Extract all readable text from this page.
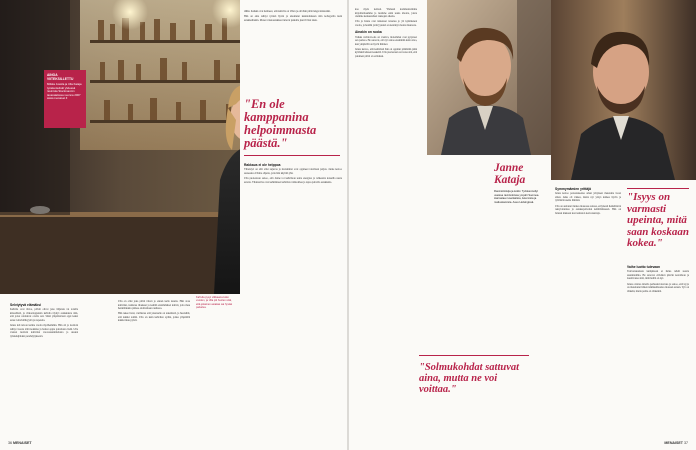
AINOA VIITEKSILLETTU
Miikka Jussila ja Ulla Kataja työskentelivät yhdessä ravintola Stockmannin tavaratalossa vuonna 2007 www.menaiset.fi
Selviytyvä elämäksi
Kahvila ovat tilava, päivät olivat joko hiljaisia tai todella kiireellisiä, ja viikonloppuisin kahvila täyttyi asiakkaista niin, että jonot ulottuivat ovelle asti. Siinä ympäristössä oppi kaksi asiaa: kärsivällisyyttä ja nopeutta.
Janne tuli taloon kolme vuotta myöhemmin. Hän oli jo tuolloin tehnyt vuosia töitä kokkina ja halusi oppia palvelusta lisää. Ulla vastasi tuolloin kahvilan vuorosuunnittelusta ja uusien työntekijöiden perehdytyksestä.
Ulla on ollut joka päivä töissä jo ennen kello kuutta. Hän avaa kahvilan, tarkistaa tilaukset ja keittää ensimmäiset kahvit, jotta muu henkilökunta pääsee aloittamaan rauhassa.
Hän tekee listat, varmistaa että jokaiselle on tekemistä, ja huolehtii, että kaikki toimii. Ulla on kuin kahvilan sydän, jonka ympärillä kaikki muu pyörii.
Kahvila pysyi vilkkaana koko vuoden, ja Ulla piti huolen siitä, että jokainen asiakas sai hyvää palvelua.
tähän. Kaikki ovat tietäneet, että kahvila on Ullan ja että hän pitää langat käsissään.
Hän on aina tehnyt työnsä hyvin ja ansainnut kunnioituksen niin kollegoilta kuin asiakkailtakin. Monet vakioasiakkaat tulevat paikalle juuri Ullan takia.
"En ole kamppanina helpoimmasta päästä."
Rakkaus ei ole helppoa
Yhteistyö on silti ollut sujuvaa ja molemmat ovat oppineet toisiltaan paljon. Janne kertoo saaneensa Ullalta ohjeita, joita hän käyttää yhä.
Ulla puolestaan sanoo, että Janne toi kahvilaan uutta energiaa ja rohkeutta kokeilla uusia asioita. Yhdessä he ovat kehittäneet kahvilan valikoimaa ja tapaa palvella asiakkaita.
36 MENAISET
kaa myös netissä. Yhdessä kommentoimme kirjoittamaamme ja tuomme esiin uusia ideoita, joista olemme keskustelleet taukojen aikana.
Ulla ja Janne ovat tunteneet toisensa jo yli kymmenen vuotta, ja heidän ystävyytensä on kestänyt monta muutosta.
Ainakin on ruoka
Vaikka ravintola-ala on vaativa, molemmat ovat pysyneet sen parissa. He sanovat, että työ antaa enemmän kuin ottaa, kun ympärillä on hyvät ihmiset.
Janne kertoo, että keittiössä hän on oppinut pitämään pään kylmänä kiireen keskellä. Ulla puolestaan arvostaa sitä, että jokainen päivä on erilainen.
Janne Kataja
Ravintoloitsija ja kokki. Työskennellyt useissa ravintoloissa ympäri Suomea. Harrastaa ruoanlaittoa, lukemista ja matkustamista. Asuu Helsingissä.
"Solmukohdat sattuvat aina, mutta ne voi voittaa."
Symmymämien yrittäjä
Janne kertoo perustaneensa oman yrityksen muutama vuosi sitten. Alku oli vaikea, mutta nyt yritys kulkee hyvin ja työllistää useita ihmisiä.
Ulla on auttanut Jannea monessa asiassa, erityisesti henkilöstön rekrytoinnissa ja asiakaspalvelun kehittämisessä. Hän on Jannen mukaan korvaamaton neuvonantaja.
"Isyys on varmasti upeinta, mitä saan koskaan kokea."
Vaihe luotto tulevaan
Tulevaisuudesta kumpikaan ei halua tehdä suuria suunnitelmia. He sanovat elävänsä päivän kerrallaan ja nauttivansa siitä, mitä heillä on nyt.
Janne odottaa innolla perheensä kasvua ja sanoo, että isyys on muuttanut hänen näkökulmaansa moneen asiaan. Työ on tärkeää, mutta perhe on tärkeintä.
MENAISET 37
